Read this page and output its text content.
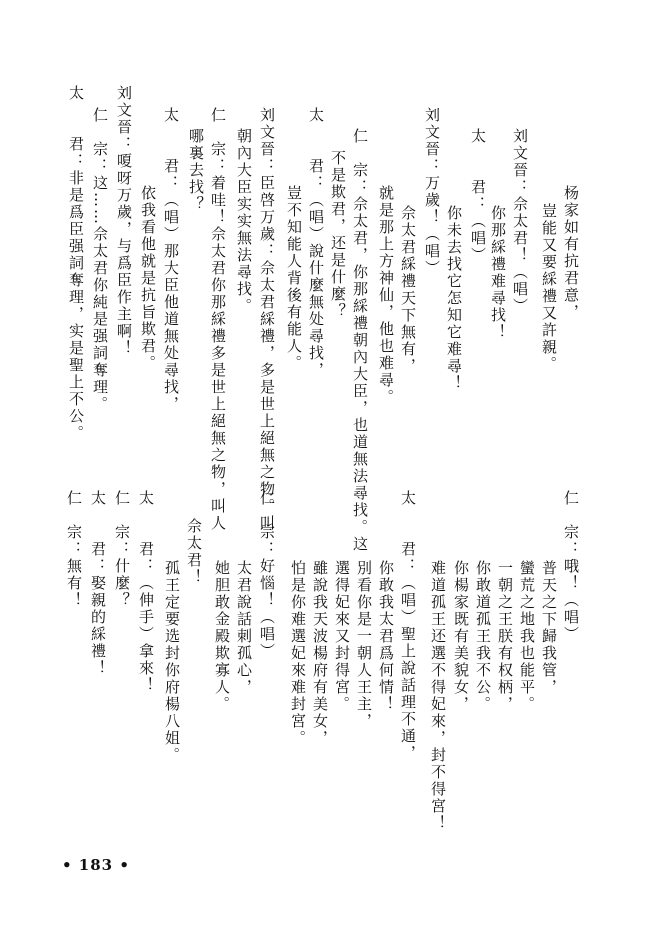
杨家如有抗君意，
豈能又要綵禮又許親。
刘文晉：佘太君！（唱）
你那綵禮难尋找！
太　　君：（唱）
你未去找它怎知它难尋！
刘文晉：万歲！（唱）
佘太君綵禮天下無有，
就是那上方神仙，他也难尋。
仁　宗：佘太君，你那綵禮朝內大臣，也道無法尋找。这
不是欺君，还是什麼？
太　　君：（唱）說什麼無处尋找，
豈不知能人背後有能人。
刘文晉：臣啓万歲：佘太君綵禮，多是世上絕無之物。叫
朝內大臣实实無法尋找。
仁　宗：着哇！佘太君你那綵禮多是世上絕無之物，叫人
哪裏去找？
太　　君：（唱）那大臣他道無处尋找，
依我看他就是抗旨欺君。
刘文晉：嗄呀万歲，与爲臣作主啊！
仁　宗：这……佘太君你純是强詞奪理。
太　　君：非是爲臣强詞奪理，实是聖上不公。
仁　宗：哦！（唱）
普天之下歸我管，
蠻荒之地我也能平。
一朝之王朕有权柄，
你敢道孤王我不公。
你楊家既有美貌女，
难道孤王还選不得妃來，封不得宮！
太　　君：（唱）聖上說話理不通，
你敢我太君爲何情！
別看你是一朝人王主，
選得妃來又封得宮。
雖說我天波楊府有美女，
怕是你难選妃來难封宮。
仁　宗：好惱！（唱）
太君說話刺孤心，
她胆敢金殿欺寡人。
佘太君！
孤王定要选封你府楊八姐。
太　　君：（伸手）拿來！
仁　宗：什麼？
太　　君：娶親的綵禮！
仁　宗：無有！
• 183 •
